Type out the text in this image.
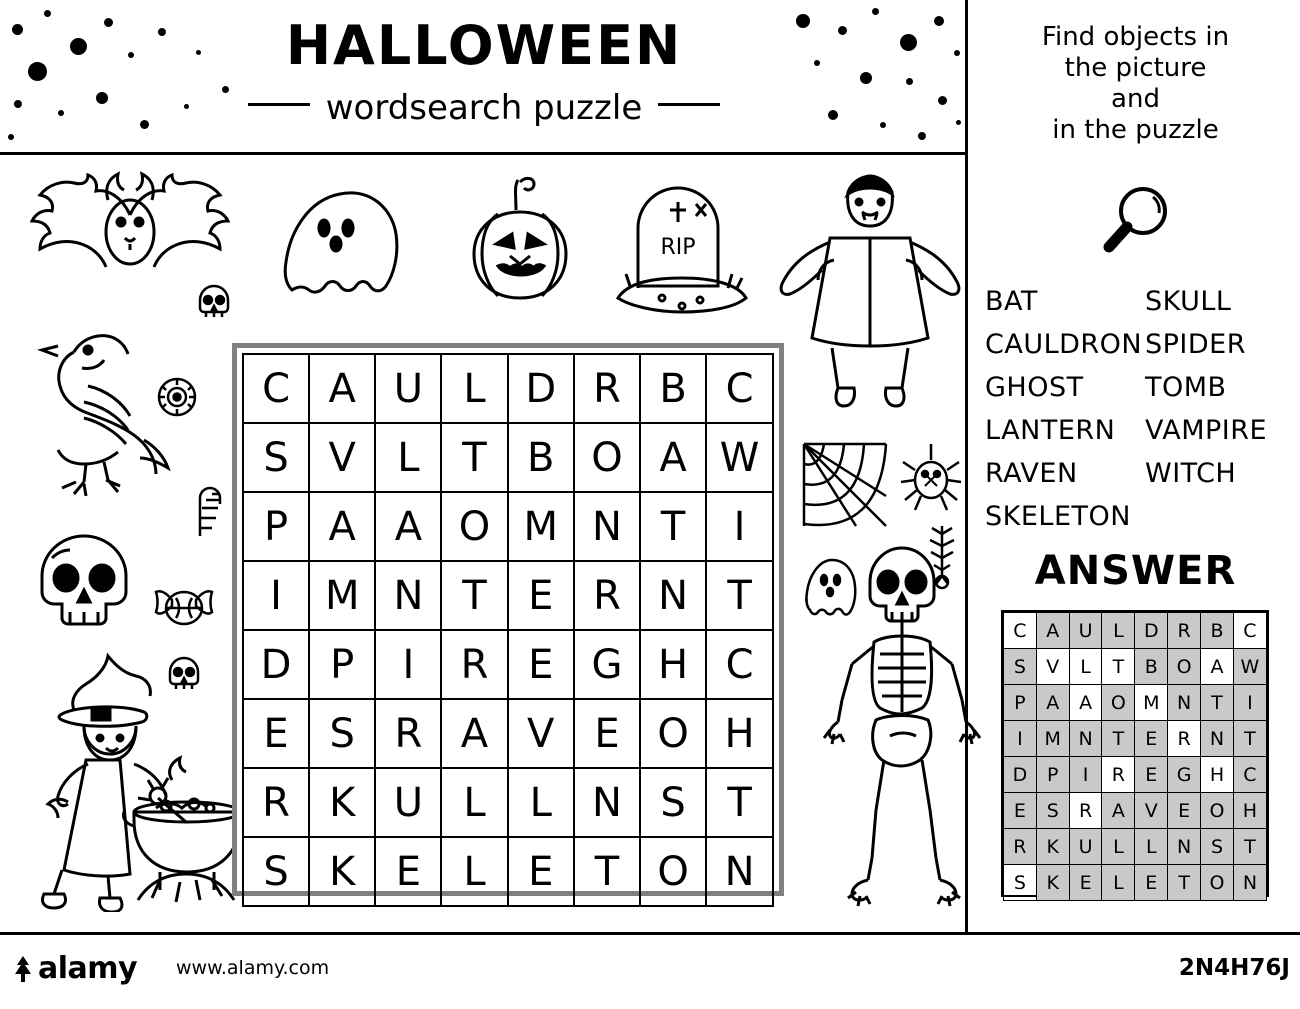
HALLOWEEN
wordsearch puzzle
RIP
C	A	U	L	D	R	B	C
S	V	L	T	B	O	A	W
P	A	A	O	M	N	T	I
I	M	N	T	E	R	N	T
D	P	I	R	E	G	H	C
E	S	R	A	V	E	O	H
R	K	U	L	L	N	S	T
S	K	E	L	E	T	O	N
Find objects in
the picture
and
in the puzzle
BAT
CAULDRON
GHOST
LANTERN
RAVEN
SKELETON
SKULL
SPIDER
TOMB
VAMPIRE
WITCH
ANSWER
C	A	U	L	D	R	B	C
S	V	L	T	B	O	A	W
P	A	A	O	M	N	T	I
I	M	N	T	E	R	N	T
D	P	I	R	E	G	H	C
E	S	R	A	V	E	O	H
R	K	U	L	L	N	S	T
S	K	E	L	E	T	O	N
alamy www.alamy.com	2N4H76J
